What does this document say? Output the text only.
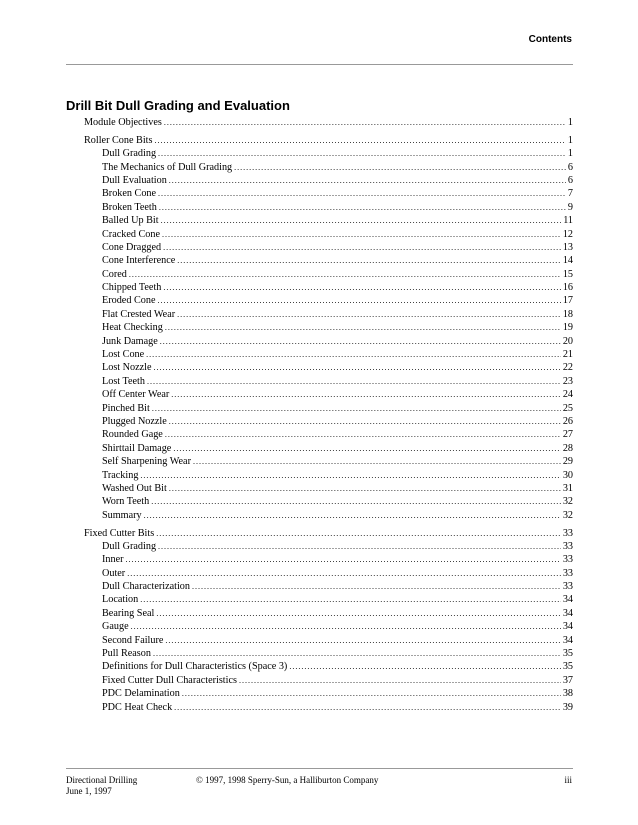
Contents
Drill Bit Dull Grading and Evaluation
Module Objectives .....	1
Roller Cone Bits .....	1
Dull Grading .....	1
The Mechanics of Dull Grading .....	6
Dull Evaluation .....	6
Broken Cone .....	7
Broken Teeth .....	9
Balled Up Bit .....	11
Cracked Cone .....	12
Cone Dragged .....	13
Cone Interference .....	14
Cored .....	15
Chipped Teeth .....	16
Eroded Cone .....	17
Flat Crested Wear .....	18
Heat Checking .....	19
Junk Damage .....	20
Lost Cone .....	21
Lost Nozzle .....	22
Lost Teeth .....	23
Off Center Wear .....	24
Pinched Bit .....	25
Plugged Nozzle .....	26
Rounded Gage .....	27
Shirttail Damage .....	28
Self Sharpening Wear .....	29
Tracking .....	30
Washed Out Bit .....	31
Worn Teeth .....	32
Summary .....	32
Fixed Cutter Bits .....	33
Dull Grading .....	33
Inner .....	33
Outer .....	33
Dull Characterization .....	33
Location .....	34
Bearing Seal .....	34
Gauge .....	34
Second Failure .....	34
Pull Reason .....	35
Definitions for Dull Characteristics (Space 3) .....	35
Fixed Cutter Dull Characteristics .....	37
PDC Delamination .....	38
PDC Heat Check .....	39
Directional Drilling
June 1, 1997
© 1997, 1998 Sperry-Sun, a Halliburton Company	iii
